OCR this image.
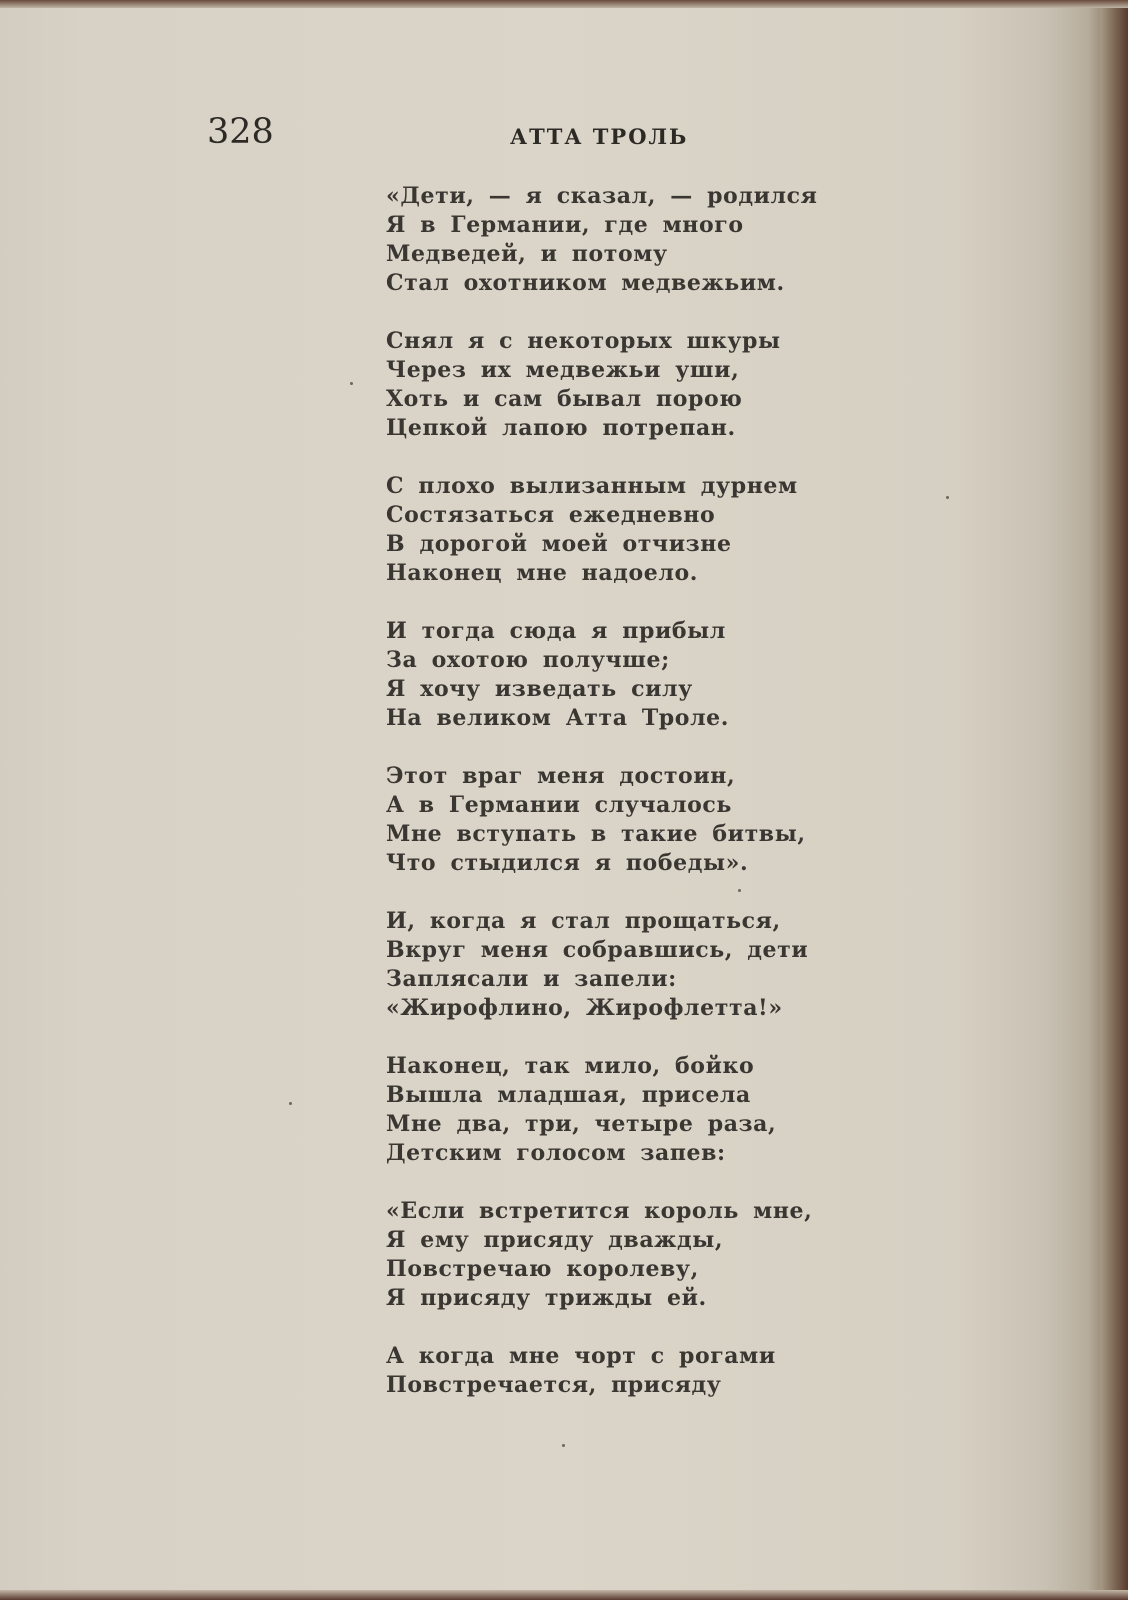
328	АТТА ТРОЛЬ
«Дети, — я сказал, — родился
Я в Германии, где много
Медведей, и потому
Стал охотником медвежьим.
Снял я с некоторых шкуры
Через их медвежьи уши,
Хоть и сам бывал порою
Цепкой лапою потрепан.
С плохо вылизанным дурнем
Состязаться ежедневно
В дорогой моей отчизне
Наконец мне надоело.
И тогда сюда я прибыл
За охотою получше;
Я хочу изведать силу
На великом Атта Троле.
Этот враг меня достоин,
А в Германии случалось
Мне вступать в такие битвы,
Что стыдился я победы».
И, когда я стал прощаться,
Вкруг меня собравшись, дети
Заплясали и запели:
«Жирофлино, Жирофлетта!»
Наконец, так мило, бойко
Вышла младшая, присела
Мне два, три, четыре раза,
Детским голосом запев:
«Если встретится король мне,
Я ему присяду дважды,
Повстречаю королеву,
Я присяду трижды ей.
А когда мне чорт с рогами
Повстречается, присяду
